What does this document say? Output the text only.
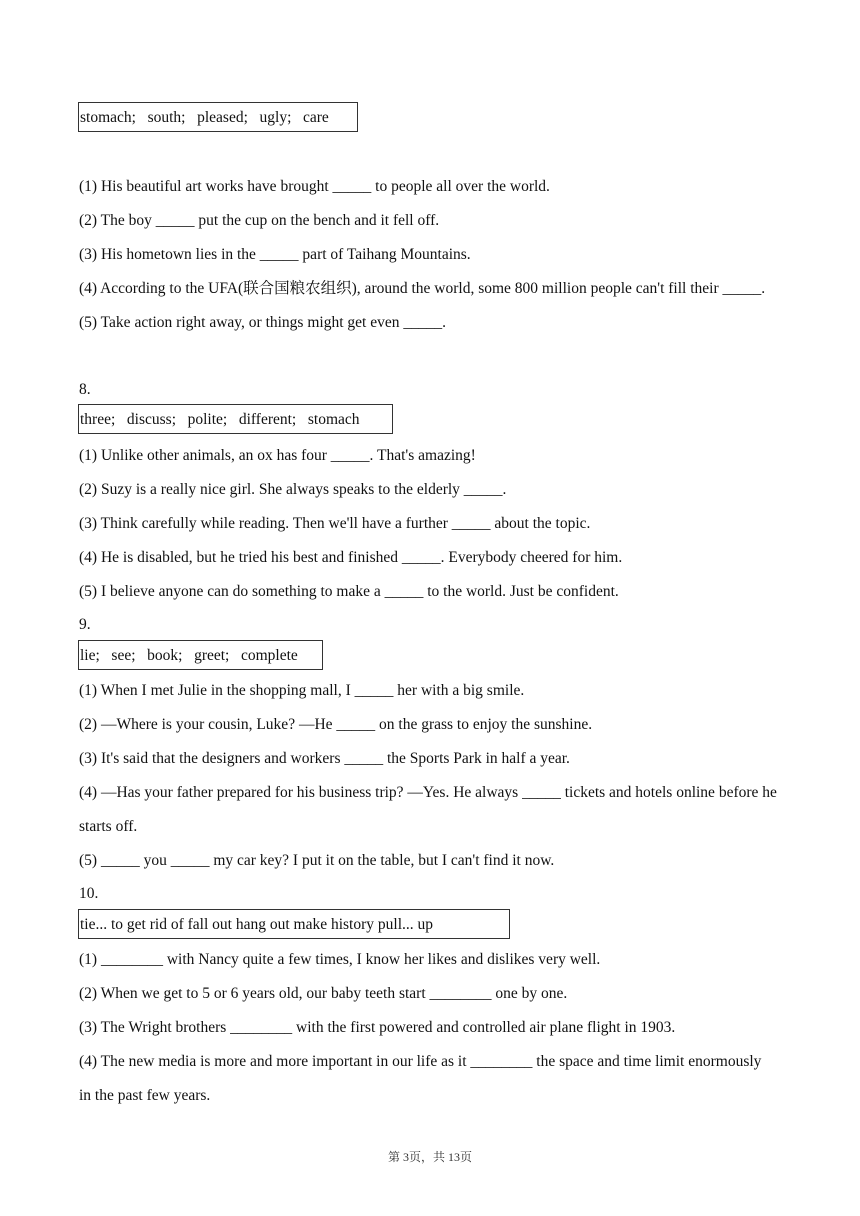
stomach;   south;   pleased;   ugly;   care
(1) His beautiful art works have brought _____ to people all over the world.
(2) The boy _____ put the cup on the bench and it fell off.
(3) His hometown lies in the _____ part of Taihang Mountains.
(4) According to the UFA(联合国粮农组织), around the world, some 800 million people can't fill their _____.
(5) Take action right away, or things might get even _____.
8.
three;   discuss;   polite;   different;   stomach
(1) Unlike other animals, an ox has four _____. That's amazing!
(2) Suzy is a really nice girl. She always speaks to the elderly _____.
(3) Think carefully while reading. Then we'll have a further _____ about the topic.
(4) He is disabled, but he tried his best and finished _____. Everybody cheered for him.
(5) I believe anyone can do something to make a _____ to the world. Just be confident.
9.
lie;   see;   book;   greet;   complete
(1) When I met Julie in the shopping mall, I _____ her with a big smile.
(2) —Where is your cousin, Luke? —He _____ on the grass to enjoy the sunshine.
(3) It's said that the designers and workers _____ the Sports Park in half a year.
(4) —Has your father prepared for his business trip? —Yes. He always _____ tickets and hotels online before he starts off.
(5) _____ you _____ my car key? I put it on the table, but I can't find it now.
10.
tie... to get rid of fall out hang out make history pull... up
(1) ________ with Nancy quite a few times, I know her likes and dislikes very well.
(2) When we get to 5 or 6 years old, our baby teeth start ________ one by one.
(3) The Wright brothers ________ with the first powered and controlled air plane flight in 1903.
(4) The new media is more and more important in our life as it ________ the space and time limit enormously in the past few years.
第 3页，共 13页
